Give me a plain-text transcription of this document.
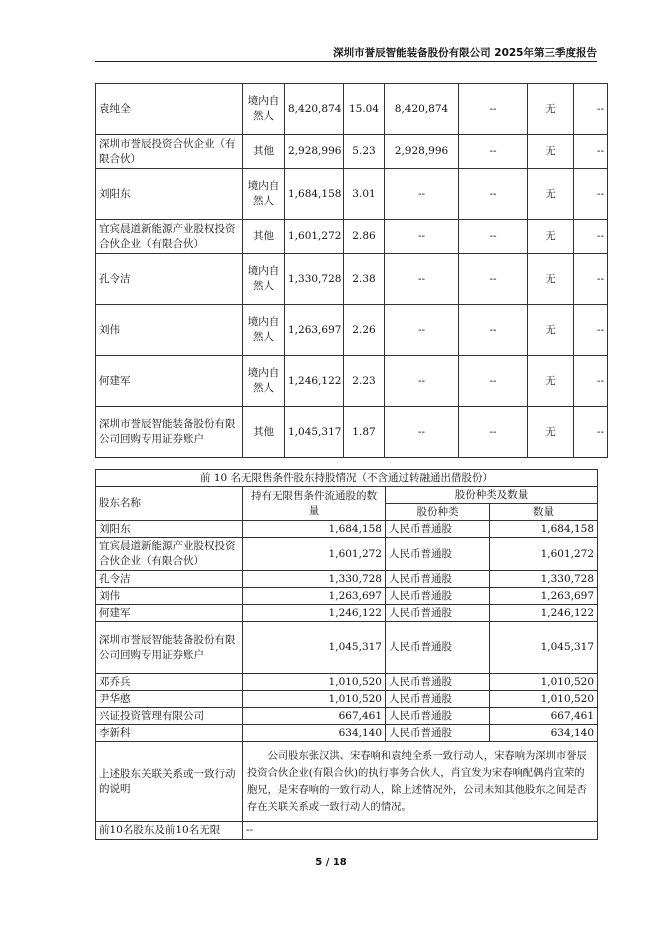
深圳市誉辰智能装备股份有限公司 2025年第三季度报告
袁纯全	境内自然人	8,420,874	15.04	8,420,874	--	无	--
深圳市誉辰投资合伙企业（有限合伙）	其他	2,928,996	5.23	2,928,996	--	无	--
刘阳东	境内自然人	1,684,158	3.01	--	--	无	--
宜宾晨道新能源产业股权投资合伙企业（有限合伙）	其他	1,601,272	2.86	--	--	无	--
孔令洁	境内自然人	1,330,728	2.38	--	--	无	--
刘伟	境内自然人	1,263,697	2.26	--	--	无	--
何建军	境内自然人	1,246,122	2.23	--	--	无	--
深圳市誉辰智能装备股份有限公司回购专用证券账户	其他	1,045,317	1.87	--	--	无	--
前 10 名无限售条件股东持股情况（不含通过转融通出借股份）			
股东名称	持有无限售条件流通股的数量	股份种类及数量	
		股份种类	数量
刘阳东	1,684,158	人民币普通股	1,684,158
宜宾晨道新能源产业股权投资合伙企业（有限合伙）	1,601,272	人民币普通股	1,601,272
孔令洁	1,330,728	人民币普通股	1,330,728
刘伟	1,263,697	人民币普通股	1,263,697
何建军	1,246,122	人民币普通股	1,246,122
深圳市誉辰智能装备股份有限公司回购专用证券账户	1,045,317	人民币普通股	1,045,317
邓乔兵	1,010,520	人民币普通股	1,010,520
尹华憨	1,010,520	人民币普通股	1,010,520
兴证投资管理有限公司	667,461	人民币普通股	667,461
李新科	634,140	人民币普通股	634,140
上述股东关联关系或一致行动的说明	公司股东张汉洪、宋春响和袁纯全系一致行动人，宋春响为深圳市誉辰投资合伙企业(有限合伙)的执行事务合伙人，肖宜发为宋春响配偶肖宜荣的胞兄，是宋春响的一致行动人，除上述情况外，公司未知其他股东之间是否存在关联关系或一致行动人的情况。		
前10名股东及前10名无限	--		
5 / 18
